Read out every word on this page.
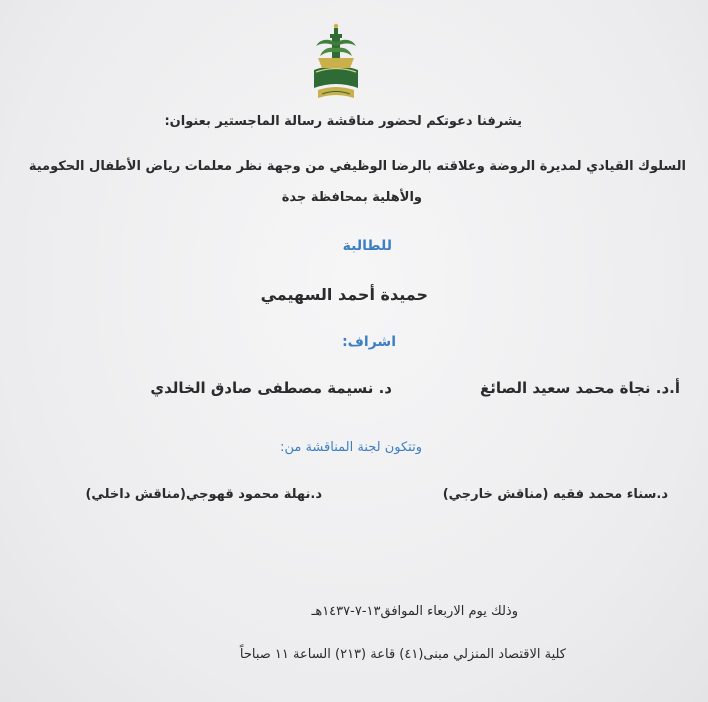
يشرفنا دعوتكم لحضور مناقشة رسالة الماجستير بعنوان:
السلوك القيادي لمديرة الروضة وعلاقته بالرضا الوظيفي من وجهة نظر معلمات رياض الأطفال الحكومية
والأهلية بمحافظة جدة
للطالبة
حميدة أحمد السهيمي
اشراف:
أ.د. نجاة محمد سعيد الصائغ
د. نسيمة مصطفى صادق الخالدي
وتتكون لجنة المناقشة من:
د.سناء محمد فقيه (مناقش خارجي)
د.نهلة محمود قهوجي(مناقش داخلي)
وذلك يوم الاربعاء الموافق١٣-٧-١٤٣٧هـ
كلية الاقتصاد المنزلي مبنى(٤١) قاعة (٢١٣) الساعة ١١ صباحاً
